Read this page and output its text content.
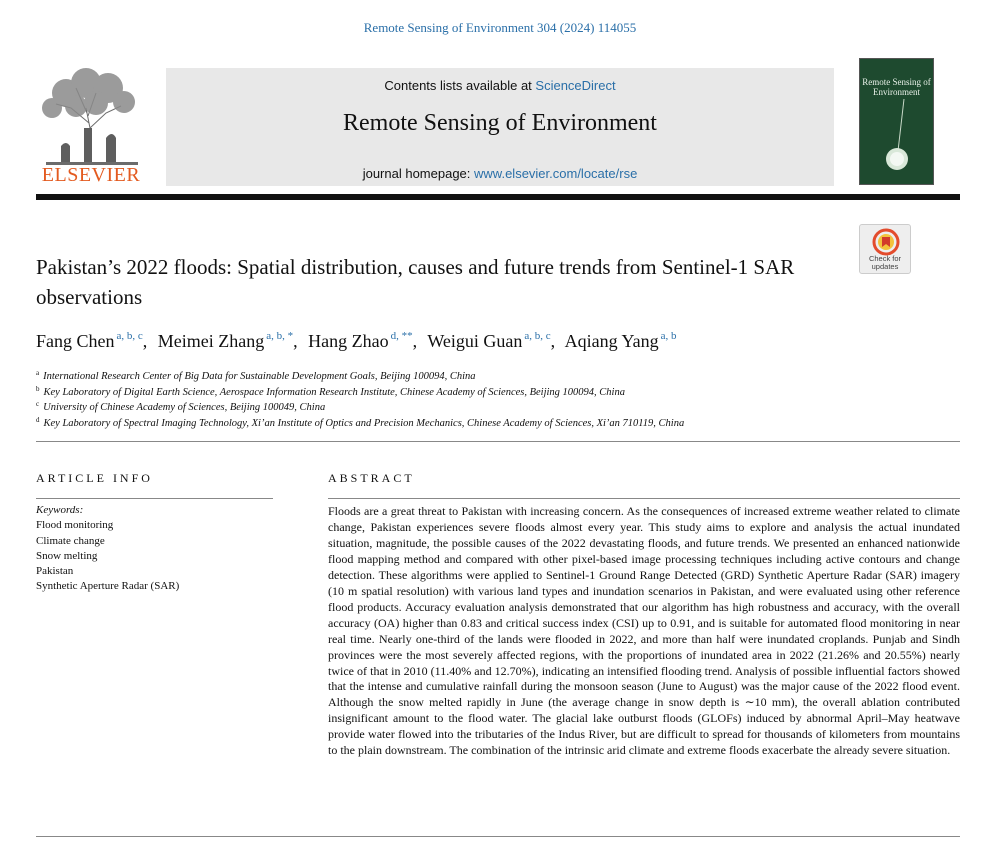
Remote Sensing of Environment 304 (2024) 114055
ELSEVIER
Contents lists available at ScienceDirect
Remote Sensing of Environment
journal homepage: www.elsevier.com/locate/rse
Remote Sensing of Environment
Pakistan’s 2022 floods: Spatial distribution, causes and future trends from Sentinel-1 SAR observations
Check for updates
Fang Chen $^{a, b, c}$, Meimei Zhang $^{a, b, *}$, Hang Zhao $^{d, **}$, Weigui Guan $^{a, b, c}$, Aqiang Yang $^{a, b}$
$^a$ International Research Center of Big Data for Sustainable Development Goals, Beijing 100094, China
$^b$ Key Laboratory of Digital Earth Science, Aerospace Information Research Institute, Chinese Academy of Sciences, Beijing 100094, China
$^c$ University of Chinese Academy of Sciences, Beijing 100049, China
$^d$ Key Laboratory of Spectral Imaging Technology, Xi’an Institute of Optics and Precision Mechanics, Chinese Academy of Sciences, Xi’an 710119, China
ARTICLE INFO	ABSTRACT
Keywords:
Flood monitoring
Climate change
Snow melting
Pakistan
Synthetic Aperture Radar (SAR)
Floods are a great threat to Pakistan with increasing concern. As the consequences of increased extreme weather related to climate change, Pakistan experiences severe floods almost every year. This study aims to explore and analysis the actual inundated situation, magnitude, the possible causes of the 2022 devastating floods, and future trends. We presented an enhanced nationwide flood mapping method and compared with other pixel-based image processing techniques including active contours and change detection. These algorithms were applied to Sentinel-1 Ground Range Detected (GRD) Synthetic Aperture Radar (SAR) imagery (10 m spatial resolution) with various land types and inundation scenarios in Pakistan, and were evaluated using other reference flood products. Accuracy evaluation analysis demonstrated that our algorithm has high robustness and accuracy, with the overall accuracy (OA) higher than 0.83 and critical success index (CSI) up to 0.91, and is suitable for automated flood monitoring in near real time. Nearly one-third of the lands were flooded in 2022, and more than half were inundated croplands. Punjab and Sindh provinces were the most severely affected regions, with the proportions of inundated area in 2022 (21.26% and 20.55%) nearly twice of that in 2010 (11.40% and 12.70%), indicating an intensified flooding trend. Analysis of possible influential factors showed that the intense and cumulative rainfall during the monsoon season (June to August) was the major cause of the 2022 flood event. Although the snow melted rapidly in June (the average change in snow depth is ∼10 mm), the overall ablation contributed insignificant amount to the flood water. The glacial lake outburst floods (GLOFs) induced by abnormal April–May heatwave provide water flowed into the tributaries of the Indus River, but are difficult to spread for thousands of kilometers from mountains to the plain downstream. The combination of the intrinsic arid climate and extreme floods exacerbate the already severe situation.
